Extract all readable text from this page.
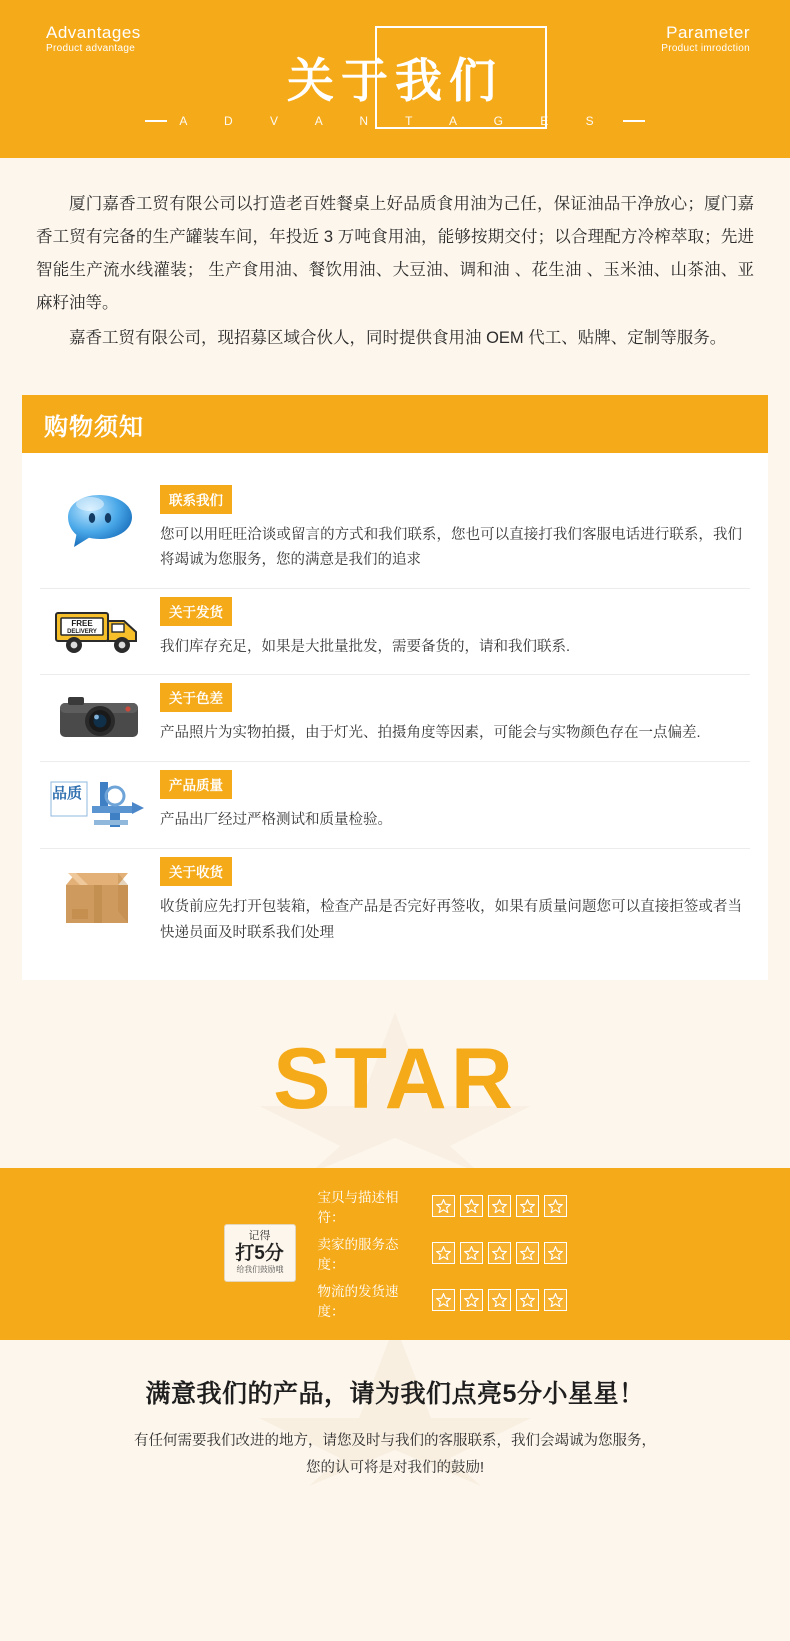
Advantages
Product advantage
Parameter
Product imrodction
关于我们
A D V A N T A G E S

厦门嘉香工贸有限公司以打造老百姓餐桌上好品质食用油为己任，保证油品干净放心；厦门嘉香工贸有完备的生产罐装车间，年投近 3 万吨食用油，能够按期交付；以合理配方冷榨萃取；先进智能生产流水线灌装； 生产食用油、餐饮用油、大豆油、调和油 、花生油 、玉米油、山茶油、亚麻籽油等。

嘉香工贸有限公司，现招募区域合伙人，同时提供食用油 OEM 代工、贴牌、定制等服务。

购物须知
联系我们
您可以用旺旺洽谈或留言的方式和我们联系，您也可以直接打我们客服电话进行联系，我们将竭诚为您服务，您的满意是我们的追求
FREE
DELIVERY
关于发货
我们库存充足，如果是大批量批发，需要备货的，请和我们联系.
关于色差
产品照片为实物拍摄，由于灯光、拍摄角度等因素，可能会与实物颜色存在一点偏差.
品质	产品质量
产品出厂经过严格测试和质量检验。
关于收货
收货前应先打开包装箱，检查产品是否完好再签收，如果有质量问题您可以直接拒签或者当快递员面及时联系我们处理
STAR
记得
打5分
给我们鼓励哦
宝贝与描述相符：
卖家的服务态度：
物流的发货速度：
满意我们的产品，请为我们点亮5分小星星！

有任何需要我们改进的地方，请您及时与我们的客服联系，我们会竭诚为您服务，

您的认可将是对我们的鼓励!
